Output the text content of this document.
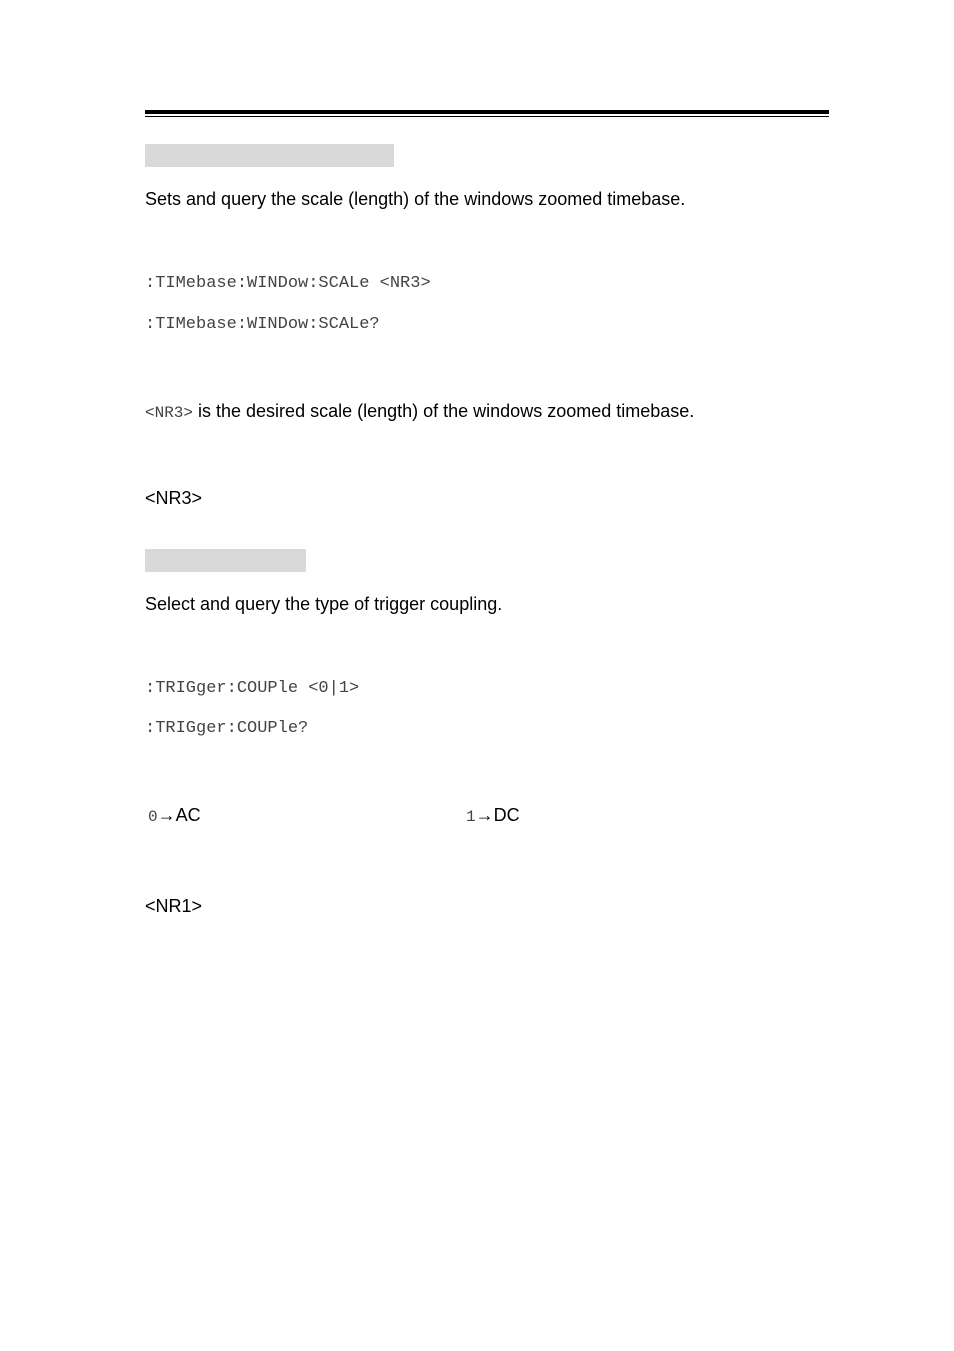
Sets and query the scale (length) of the windows zoomed timebase.
:TIMebase:WINDow:SCALe <NR3>
:TIMebase:WINDow:SCALe?
<NR3> is the desired scale (length) of the windows zoomed timebase.
<NR3>
Select and query the type of trigger coupling.
:TRIGger:COUPle <0|1>
:TRIGger:COUPle?
0→AC	1→DC
<NR1>
